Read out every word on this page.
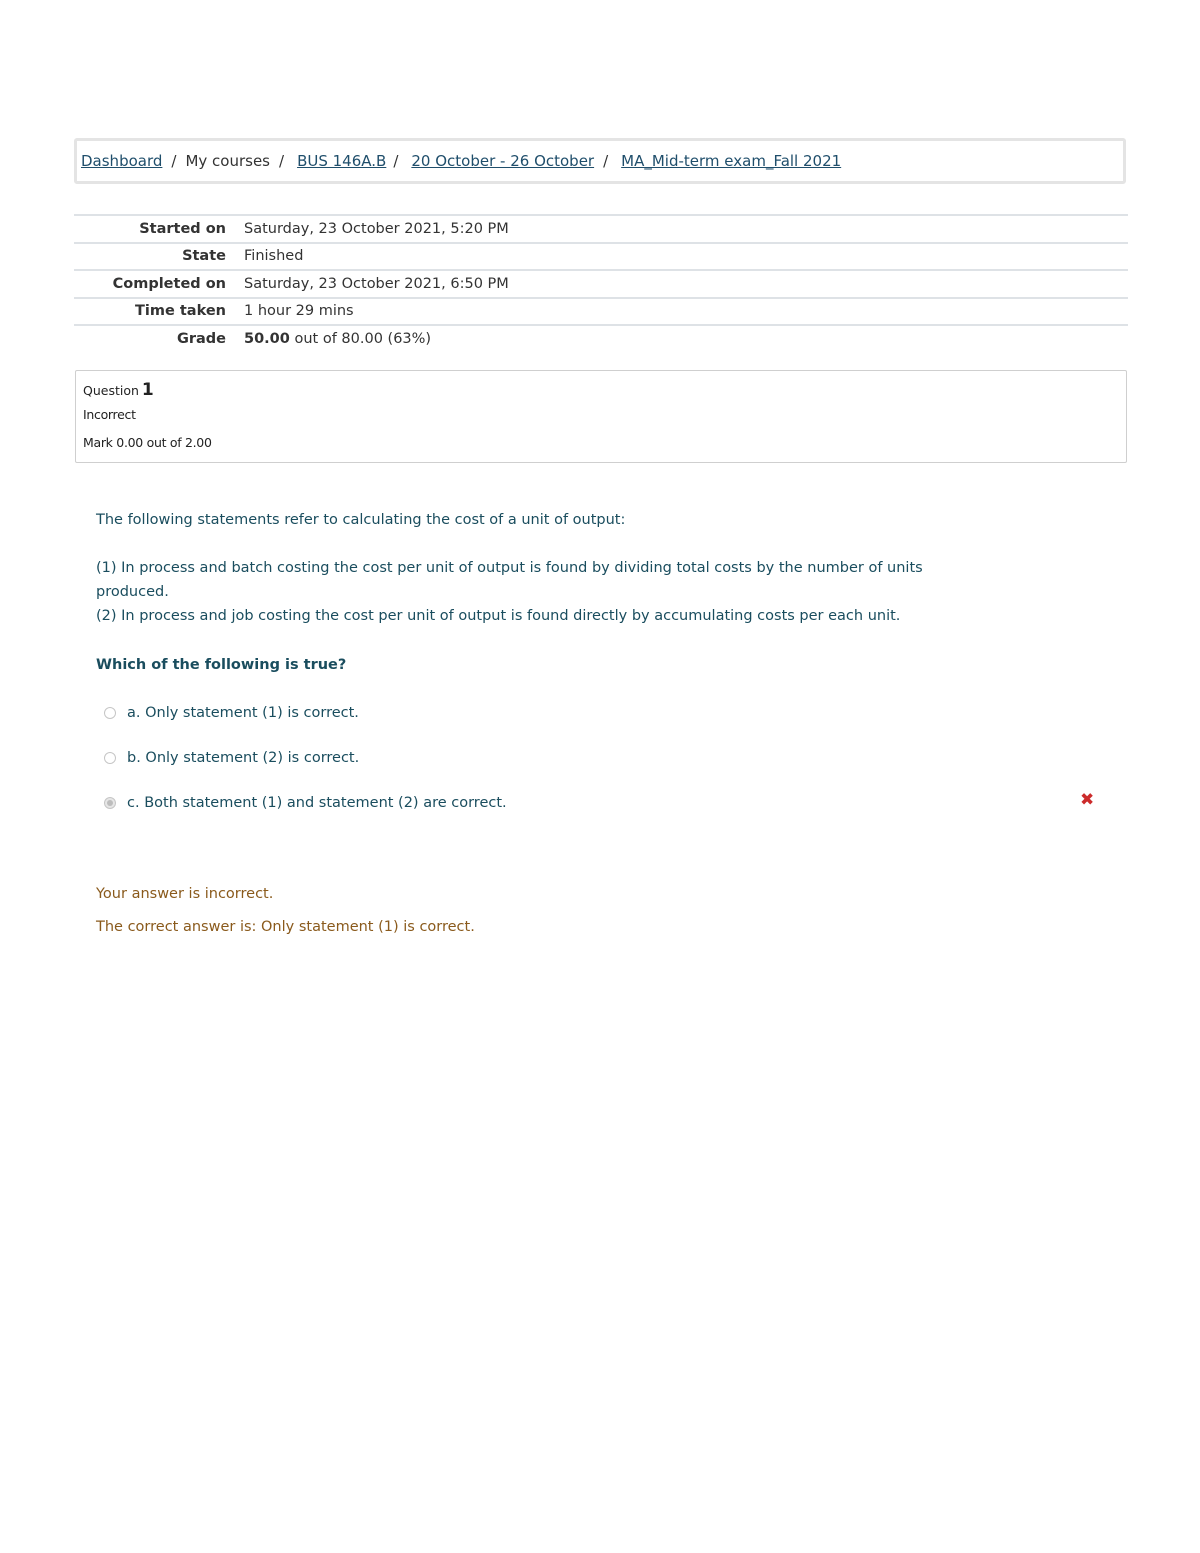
Dashboard / My courses / BUS 146A.B / 20 October - 26 October / MA_Mid-term exam_Fall 2021
Started on	Saturday, 23 October 2021, 5:20 PM
State	Finished
Completed on	Saturday, 23 October 2021, 6:50 PM
Time taken	1 hour 29 mins
Grade	50.00 out of 80.00 (63%)
Question 1
Incorrect
Mark 0.00 out of 2.00

The following statements refer to calculating the cost of a unit of output:

(1) In process and batch costing the cost per unit of output is found by dividing total costs by the number of units produced.

(2) In process and job costing the cost per unit of output is found directly by accumulating costs per each unit.

Which of the following is true?
a. Only statement (1) is correct.
b. Only statement (2) is correct.
c. Both statement (1) and statement (2) are correct.	✖
Your answer is incorrect.
The correct answer is: Only statement (1) is correct.
